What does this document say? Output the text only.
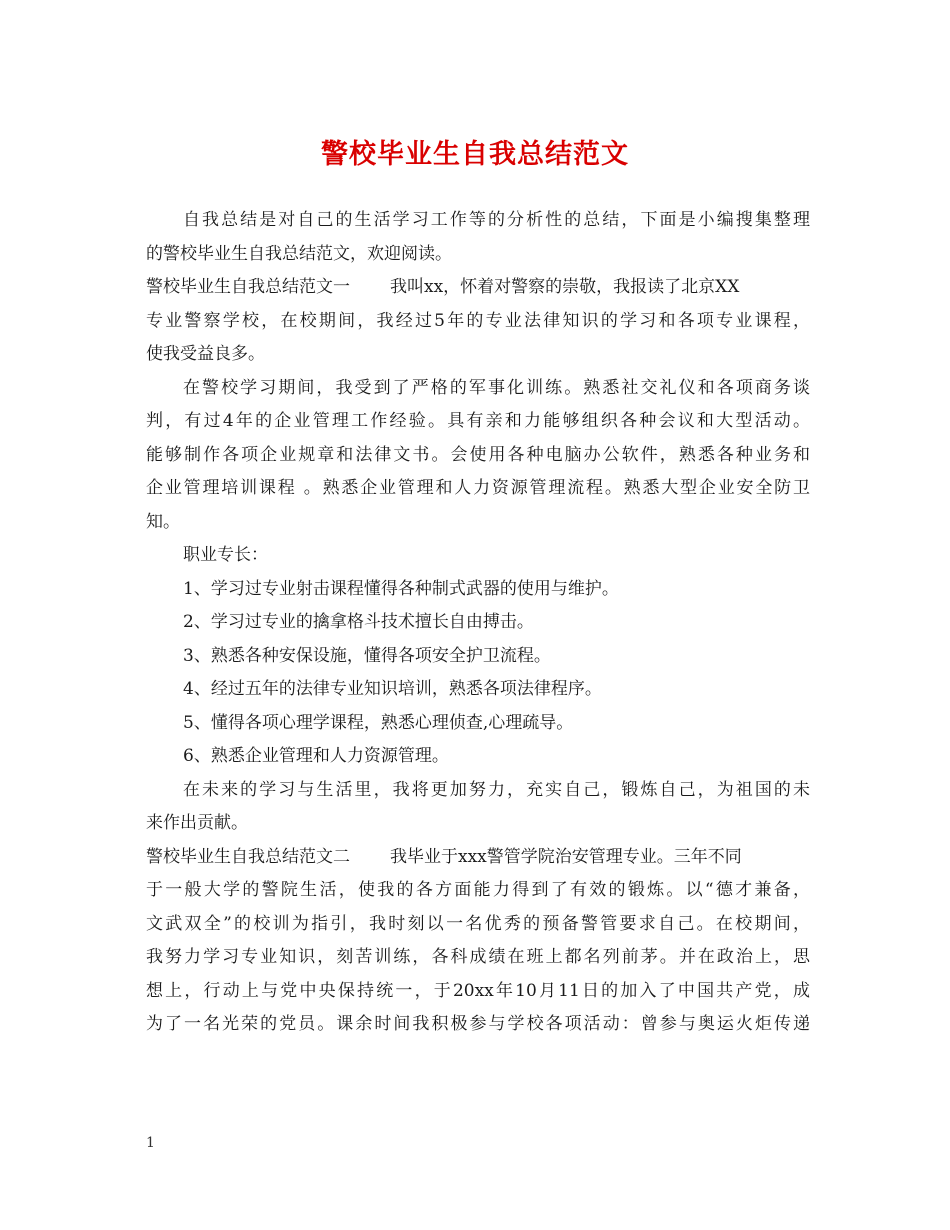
警校毕业生自我总结范文

自我总结是对自己的生活学习工作等的分析性的总结，下面是小编搜集整理

的警校毕业生自我总结范文，欢迎阅读。

警校毕业生自我总结范文一 我叫xx，怀着对警察的崇敬，我报读了北京XX

专业警察学校，在校期间，我经过5年的专业法律知识的学习和各项专业课程，

使我受益良多。

在警校学习期间，我受到了严格的军事化训练。熟悉社交礼仪和各项商务谈

判，有过4年的企业管理工作经验。具有亲和力能够组织各种会议和大型活动。

能够制作各项企业规章和法律文书。会使用各种电脑办公软件，熟悉各种业务和

企业管理培训课程 。熟悉企业管理和人力资源管理流程。熟悉大型企业安全防卫

知。

职业专长：

1、学习过专业射击课程懂得各种制式武器的使用与维护。

2、学习过专业的擒拿格斗技术擅长自由搏击。

3、熟悉各种安保设施，懂得各项安全护卫流程。

4、经过五年的法律专业知识培训，熟悉各项法律程序。

5、懂得各项心理学课程，熟悉心理侦查,心理疏导。

6、熟悉企业管理和人力资源管理。

在未来的学习与生活里，我将更加努力，充实自己，锻炼自己，为祖国的未

来作出贡献。

警校毕业生自我总结范文二 我毕业于xxx警管学院治安管理专业。三年不同

于一般大学的警院生活，使我的各方面能力得到了有效的锻炼。以“德才兼备，

文武双全”的校训为指引，我时刻以一名优秀的预备警管要求自己。在校期间，

我努力学习专业知识，刻苦训练，各科成绩在班上都名列前茅。并在政治上，思

想上，行动上与党中央保持统一，于20xx年10月11日的加入了中国共产党，成

为了一名光荣的党员。课余时间我积极参与学校各项活动：曾参与奥运火炬传递

1
